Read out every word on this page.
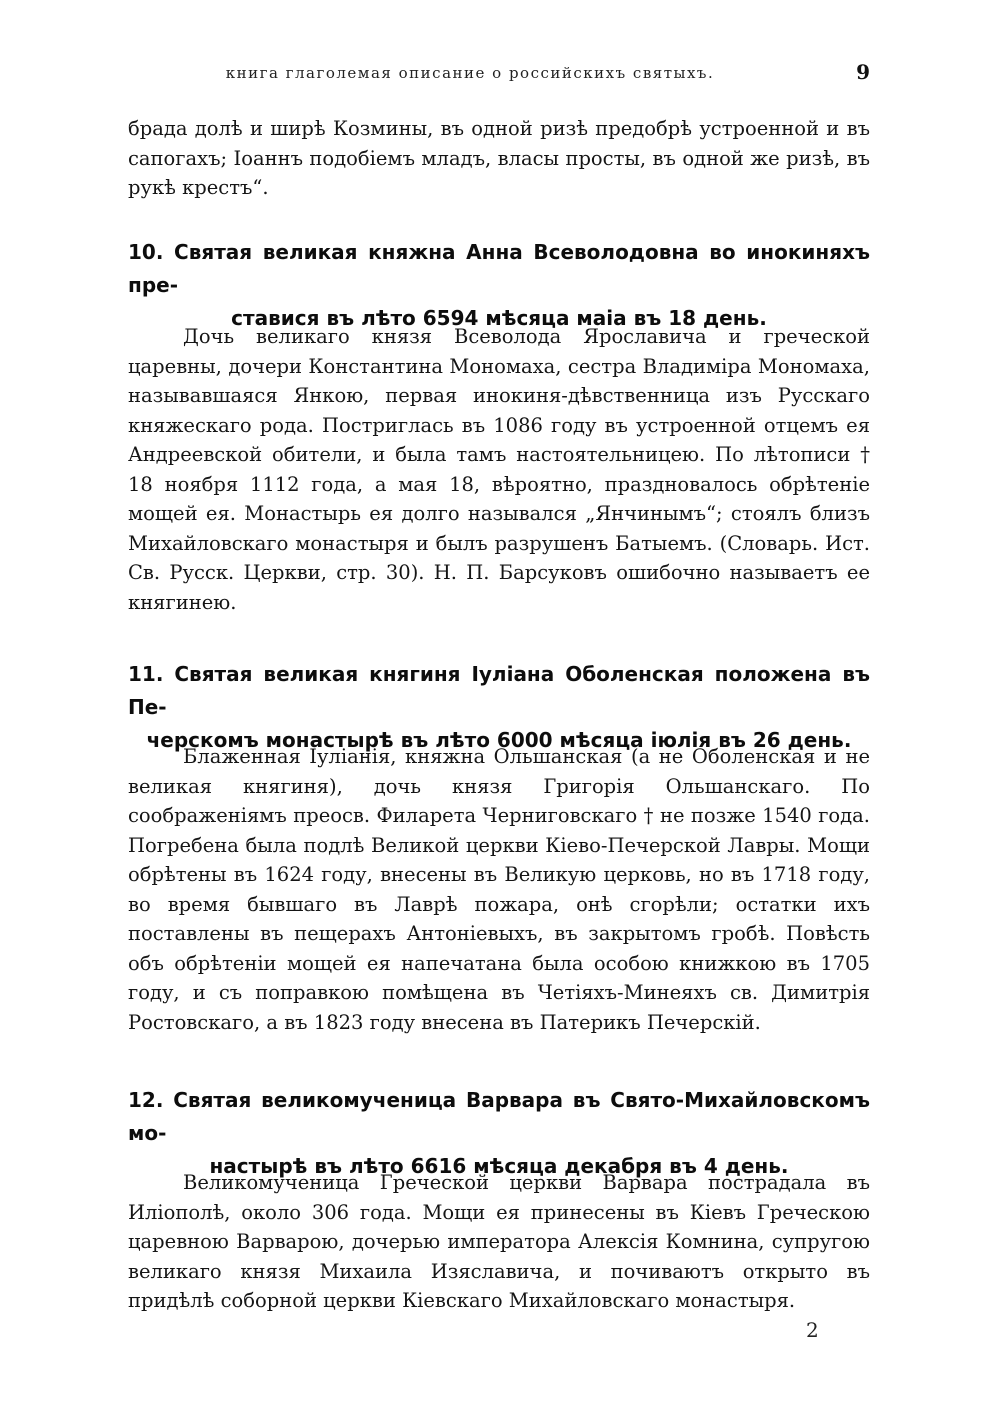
книга глаголемая описание о российскихъ святыхъ.	9

брада долѣ и ширѣ Козмины, въ одной ризѣ предобрѣ устроенной и въ сапогахъ; Іоаннъ подобіемъ младъ, власы просты, въ одной же ризѣ, въ рукѣ крестъ“.

10. Святая великая княжна Анна Всеволодовна во инокиняхъ пре-
ставися въ лѣто 6594 мѣсяца маіа въ 18 день.

Дочь великаго князя Всеволода Ярославича и греческой царевны, дочери Константина Мономаха, сестра Владиміра Мономаха, называвшаяся Янкою, первая инокиня-дѣвственница изъ Русскаго княжескаго рода. Постриглась въ 1086 году въ устроенной отцемъ ея Андреевской обители, и была тамъ настоятельницею. По лѣтописи † 18 ноября 1112 года, а мая 18, вѣроятно, праздновалось обрѣтеніе мощей ея. Монастырь ея долго назывался „Янчинымъ“; стоялъ близъ Михайловскаго монастыря и былъ разрушенъ Батыемъ. (Словарь. Ист. Св. Русск. Церкви, стр. 30). Н. П. Барсуковъ ошибочно называетъ ее княгинею.

11. Святая великая княгиня Іуліана Оболенская положена въ Пе-
черскомъ монастырѣ въ лѣто 6000 мѣсяца іюлія въ 26 день.

Блаженная Іуліанія, княжна Ольшанская (а не Оболенская и не великая княгиня), дочь князя Григорія Ольшанскаго. По соображеніямъ преосв. Филарета Черниговскаго † не позже 1540 года. Погребена была подлѣ Великой церкви Кіево-Печерской Лавры. Мощи обрѣтены въ 1624 году, внесены въ Великую церковь, но въ 1718 году, во время бывшаго въ Лаврѣ пожара, онѣ сгорѣли; остатки ихъ поставлены въ пещерахъ Антоніевыхъ, въ закрытомъ гробѣ. Повѣсть объ обрѣтеніи мощей ея напечатана была особою книжкою въ 1705 году, и съ поправкою помѣщена въ Четіяхъ-Минеяхъ св. Димитрія Ростовскаго, а въ 1823 году внесена въ Патерикъ Печерскій.

12. Святая великомученица Варвара въ Свято-Михайловскомъ мо-
настырѣ въ лѣто 6616 мѣсяца декабря въ 4 день.

Великомученица Греческой церкви Варвара пострадала въ Иліополѣ, около 306 года. Мощи ея принесены въ Кіевъ Греческою царевною Варварою, дочерью императора Алексія Комнина, супругою великаго князя Михаила Изяславича, и почиваютъ открыто въ придѣлѣ соборной церкви Кіевскаго Михайловскаго монастыря.

2
